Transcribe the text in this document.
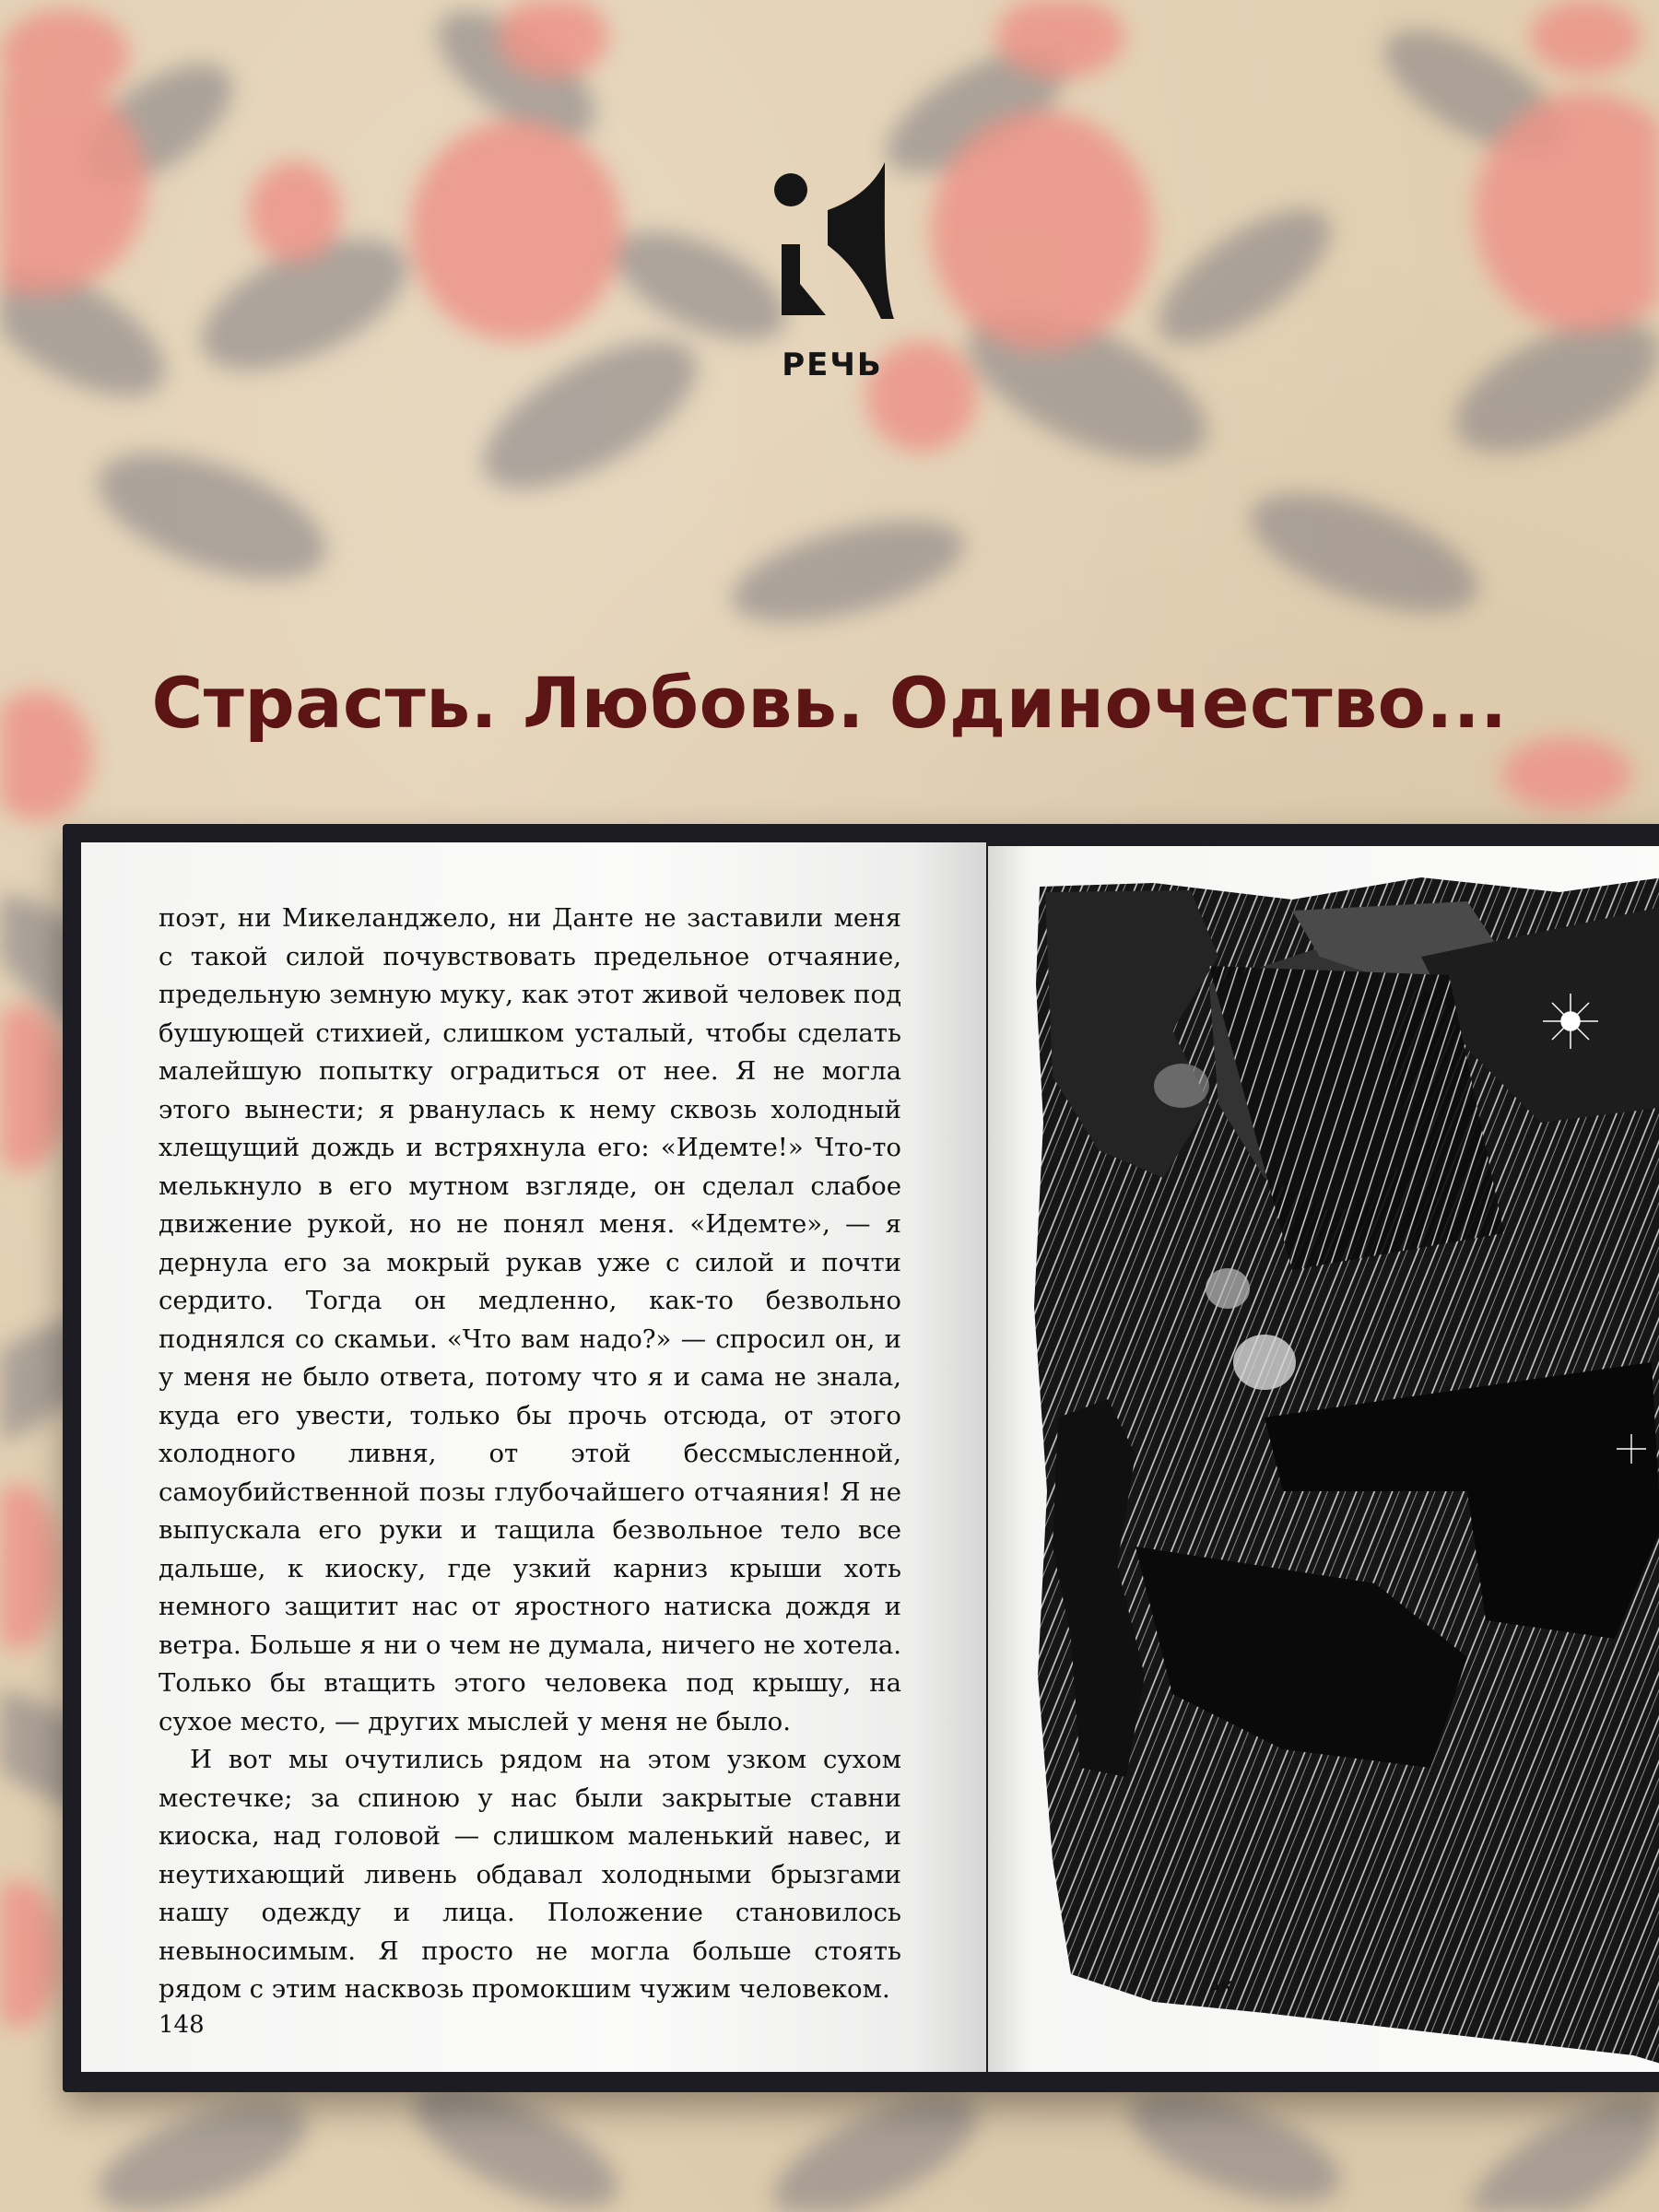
РЕЧЬ
Страсть. Любовь. Одиночество...

поэт, ни Микеланджело, ни Данте не заставили меня с такой силой почувствовать предельное отчаяние, предельную земную муку, как этот живой человек под бушующей стихией, слишком усталый, чтобы сделать малейшую попытку оградиться от нее. Я не могла этого вынести; я рванулась к нему сквозь холодный хлещущий дождь и встряхнула его: «Идемте!» Что-то мелькнуло в его мутном взгляде, он сделал слабое движение рукой, но не понял меня. «Идемте», — я дернула его за мокрый рукав уже с силой и почти сердито. Тогда он медленно, как-то безвольно поднялся со скамьи. «Что вам надо?» — спросил он, и у меня не было ответа, потому что я и сама не знала, куда его увести, только бы прочь отсюда, от этого холодного ливня, от этой бессмысленной, самоубийственной позы глубочайшего отчаяния! Я не выпускала его руки и тащила безвольное тело все дальше, к киоску, где узкий карниз крыши хоть немного защитит нас от яростного натиска дождя и ветра. Больше я ни о чем не думала, ничего не хотела. Только бы втащить этого человека под крышу, на сухое место, — других мыслей у меня не было.

И вот мы очутились рядом на этом узком сухом местечке; за спиною у нас были закрытые ставни киоска, над головой — слишком маленький навес, и неутихающий ливень обдавал холодными брызгами нашу одежду и лица. Положение становилось невыносимым. Я просто не могла больше стоять рядом с этим насквозь промокшим чужим человеком.

148
АК
